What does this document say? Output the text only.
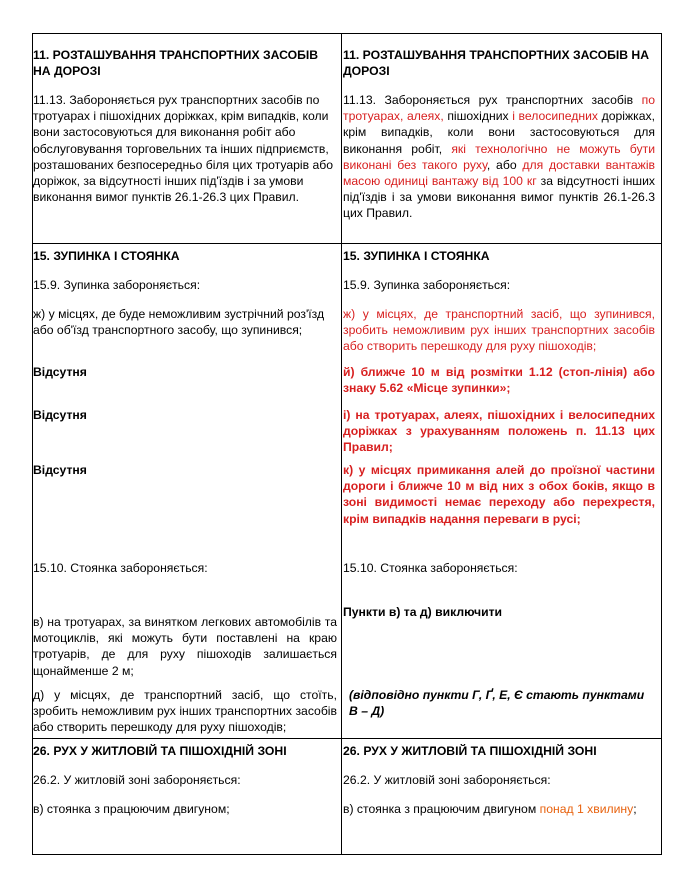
11. РОЗТАШУВАННЯ ТРАНСПОРТНИХ ЗАСОБІВ НА ДОРОЗІ

11.13. Забороняється рух транспортних засобів по тротуарах і пішохідних доріжках, крім випадків, коли вони застосовуються для виконання робіт або обслуговування торговельних та інших підприємств, розташованих безпосередньо біля цих тротуарів або доріжок, за відсутності інших під'їздів і за умови виконання вимог пунктів 26.1-26.3 цих Правил.

11. РОЗТАШУВАННЯ ТРАНСПОРТНИХ ЗАСОБІВ НА ДОРОЗІ

11.13. Забороняється рух транспортних засобів по тротуарах, алеях, пішохідних і велосипедних доріжках, крім випадків, коли вони застосовуються для виконання робіт, які технологічно не можуть бути виконані без такого руху, або для доставки вантажів масою одиниці вантажу від 100 кг за відсутності інших під'їздів і за умови виконання вимог пунктів 26.1-26.3 цих Правил.

15. ЗУПИНКА І СТОЯНКА

15.9. Зупинка забороняється:

ж) у місцях, де буде неможливим зустрічний роз'їзд або об'їзд транспортного засобу, що зупинився;

Відсутня

Відсутня

Відсутня

15.10. Стоянка забороняється:

в) на тротуарах, за винятком легкових автомобілів та мотоциклів, які можуть бути поставлені на краю тротуарів, де для руху пішоходів залишається щонайменше 2 м;

д) у місцях, де транспортний засіб, що стоїть, зробить неможливим рух інших транспортних засобів або створить перешкоду для руху пішоходів;

15. ЗУПИНКА І СТОЯНКА

15.9. Зупинка забороняється:

ж) у місцях, де транспортний засіб, що зупинився, зробить неможливим рух інших транспортних засобів або створить перешкоду для руху пішоходів;

й) ближче 10 м від розмітки 1.12 (стоп-лінія) або знаку 5.62 «Місце зупинки»;

і) на тротуарах, алеях, пішохідних і велосипедних доріжках з урахуванням положень п. 11.13 цих Правил;

к) у місцях примикання алей до проїзної частини дороги і ближче 10 м від них з обох боків, якщо в зоні видимості немає переходу або перехрестя, крім випадків надання переваги в русі;

15.10. Стоянка забороняється:

Пункти в) та д) виключити

(відповідно пункти Г, Ґ, Е, Є стають пунктами В – Д)

26. РУХ У ЖИТЛОВІЙ ТА ПІШОХІДНІЙ ЗОНІ

26.2. У житловій зоні забороняється:

в) стоянка з працюючим двигуном;

26. РУХ У ЖИТЛОВІЙ ТА ПІШОХІДНІЙ ЗОНІ

26.2. У житловій зоні забороняється:

в) стоянка з працюючим двигуном понад 1 хвилину;
